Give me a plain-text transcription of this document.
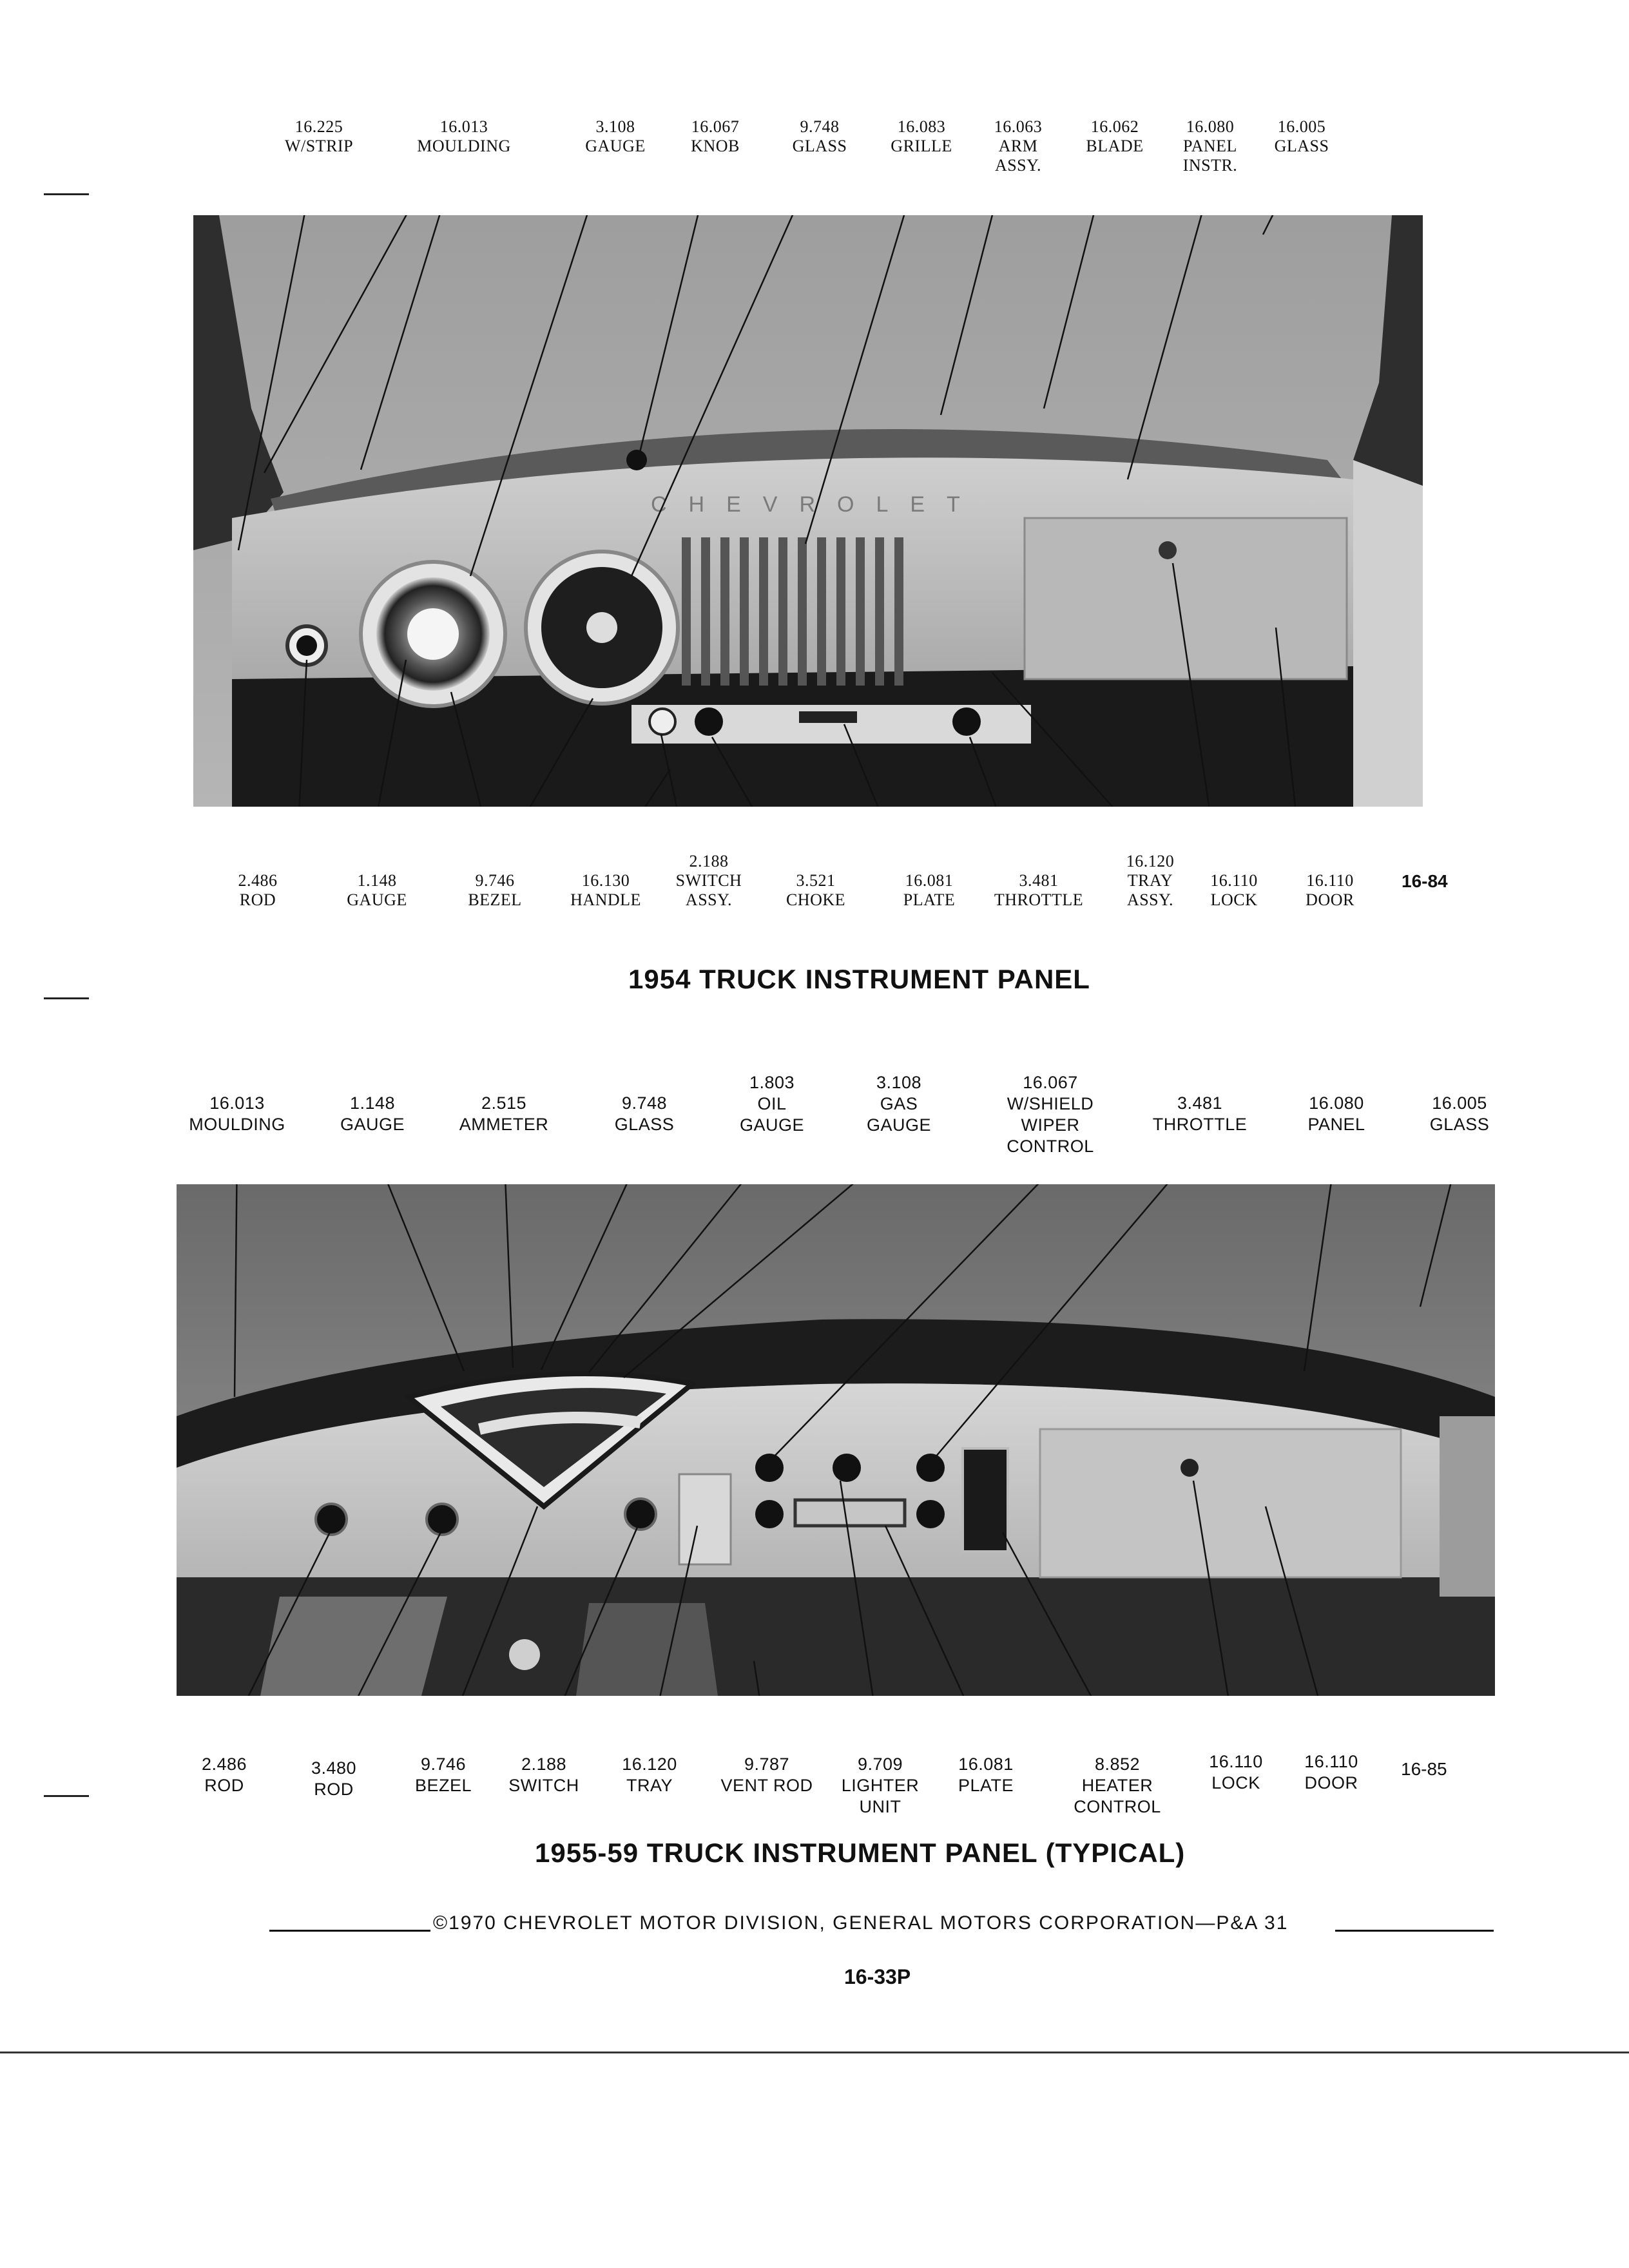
16.225
W/STRIP
16.013
MOULDING
3.108
GAUGE
16.067
KNOB
9.748
GLASS
16.083
GRILLE
16.063
ARM
ASSY.
16.062
BLADE
16.080
PANEL
INSTR.
16.005
GLASS
CHEVROLET
2.486
ROD
1.148
GAUGE
9.746
BEZEL
16.130
HANDLE
2.188
SWITCH
ASSY.
3.521
CHOKE
16.081
PLATE
3.481
THROTTLE
16.120
TRAY
ASSY.
16.110
LOCK
16.110
DOOR
16-84
1954 TRUCK INSTRUMENT PANEL
16.013
MOULDING
1.148
GAUGE
2.515
AMMETER
9.748
GLASS
1.803
OIL
GAUGE
3.108
GAS
GAUGE
16.067
W/SHIELD
WIPER
CONTROL
3.481
THROTTLE
16.080
PANEL
16.005
GLASS
2.486
ROD
3.480
ROD
9.746
BEZEL
2.188
SWITCH
16.120
TRAY
9.787
VENT ROD
9.709
LIGHTER
UNIT
16.081
PLATE
8.852
HEATER
CONTROL
16.110
LOCK
16.110
DOOR
16-85
1955-59 TRUCK INSTRUMENT PANEL (TYPICAL)
©1970 CHEVROLET MOTOR DIVISION, GENERAL MOTORS CORPORATION—P&A 31
16-33P
